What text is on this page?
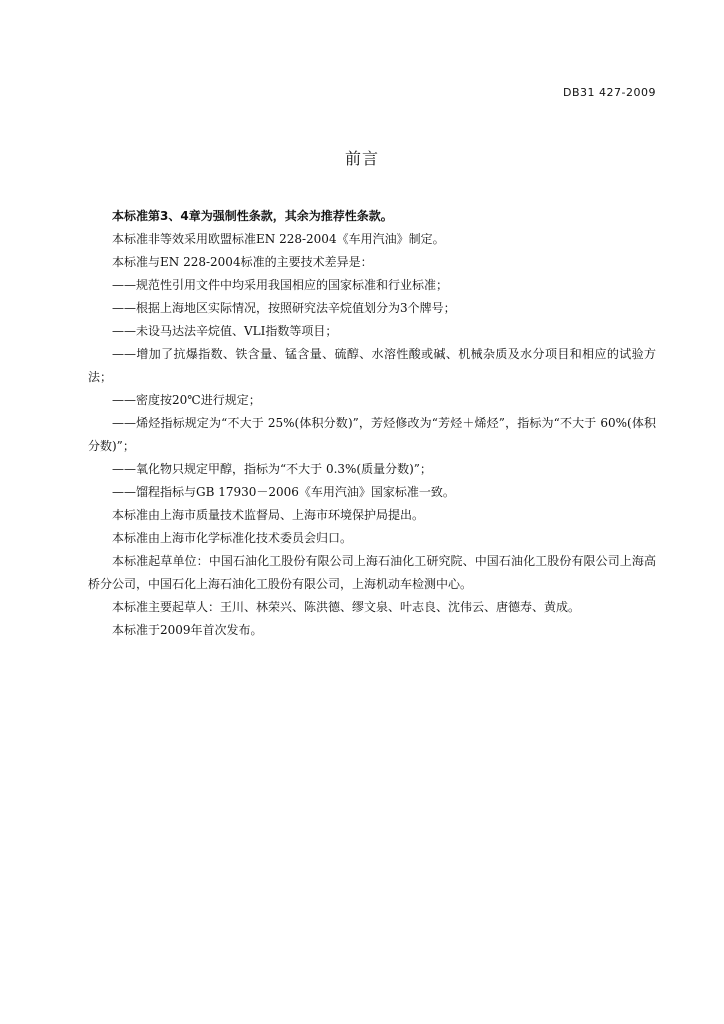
DB31 427-2009
前言

本标准第3、4章为强制性条款，其余为推荐性条款。

本标准非等效采用欧盟标准EN 228-2004《车用汽油》制定。

本标准与EN 228-2004标准的主要技术差异是：

——规范性引用文件中均采用我国相应的国家标准和行业标准；

——根据上海地区实际情况，按照研究法辛烷值划分为3个牌号；

——未设马达法辛烷值、VLI指数等项目；

——增加了抗爆指数、铁含量、锰含量、硫醇、水溶性酸或碱、机械杂质及水分项目和相应的试验方法；

——密度按20℃进行规定；

——烯烃指标规定为“不大于 25%(体积分数)”，芳烃修改为“芳烃＋烯烃”，指标为“不大于 60%(体积分数)”；

——氧化物只规定甲醇，指标为“不大于 0.3%(质量分数)”；

——馏程指标与GB 17930－2006《车用汽油》国家标准一致。

本标准由上海市质量技术监督局、上海市环境保护局提出。

本标准由上海市化学标准化技术委员会归口。

本标准起草单位：中国石油化工股份有限公司上海石油化工研究院、中国石油化工股份有限公司上海高桥分公司，中国石化上海石油化工股份有限公司，上海机动车检测中心。

本标准主要起草人：王川、林荣兴、陈洪德、缪文泉、叶志良、沈伟云、唐德寿、黄成。

本标准于2009年首次发布。
